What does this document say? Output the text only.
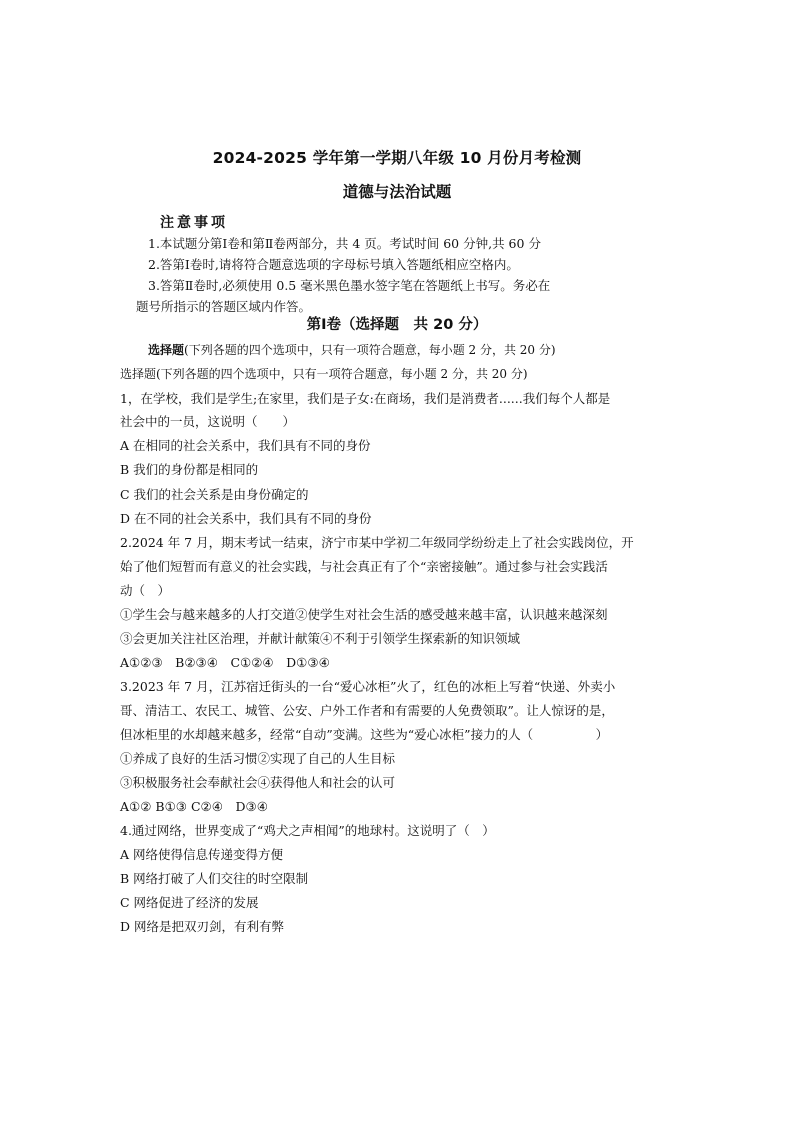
2024-2025 学年第一学期八年级 10 月份月考检测
道德与法治试题
注意事项
1.本试题分第Ⅰ卷和第Ⅱ卷两部分，共 4 页。考试时间 60 分钟,共 60 分
2.答第Ⅰ卷时,请将符合题意选项的字母标号填入答题纸相应空格内。
3.答第Ⅱ卷时,必须使用 0.5 毫米黑色墨水签字笔在答题纸上书写。务必在
题号所指示的答题区域内作答。
第Ⅰ卷（选择题　共 20 分）
选择题(下列各题的四个选项中，只有一项符合题意，每小题 2 分，共 20 分)
选择题(下列各题的四个选项中，只有一项符合题意，每小题 2 分，共 20 分)
1，在学校，我们是学生;在家里，我们是子女:在商场，我们是消费者......我们每个人都是
社会中的一员，这说明（　　）
A 在相同的社会关系中，我们具有不同的身份
B 我们的身份都是相同的
C 我们的社会关系是由身份确定的
D 在不同的社会关系中，我们具有不同的身份
2.2024 年 7 月，期末考试一结束，济宁市某中学初二年级同学纷纷走上了社会实践岗位，开
始了他们短暂而有意义的社会实践，与社会真正有了个“亲密接触”。通过参与社会实践活
动（　）
①学生会与越来越多的人打交道②使学生对社会生活的感受越来越丰富，认识越来越深刻
③会更加关注社区治理，并献计献策④不利于引领学生探索新的知识领域
A①②③　B②③④　C①②④　D①③④
3.2023 年 7 月，江苏宿迁街头的一台“爱心冰柜”火了，红色的冰柜上写着“快递、外卖小
哥、清洁工、农民工、城管、公安、户外工作者和有需要的人免费领取”。让人惊讶的是，
但冰柜里的水却越来越多，经常“自动”变满。这些为“爱心冰柜”接力的人（　　　　　）
①养成了良好的生活习惯②实现了自己的人生目标
③积极服务社会奉献社会④获得他人和社会的认可
A①② B①③ C②④　D③④
4.通过网络，世界变成了“鸡犬之声相闻”的地球村。这说明了（　）
A 网络使得信息传递变得方便
B 网络打破了人们交往的时空限制
C 网络促进了经济的发展
D 网络是把双刃剑，有利有弊
